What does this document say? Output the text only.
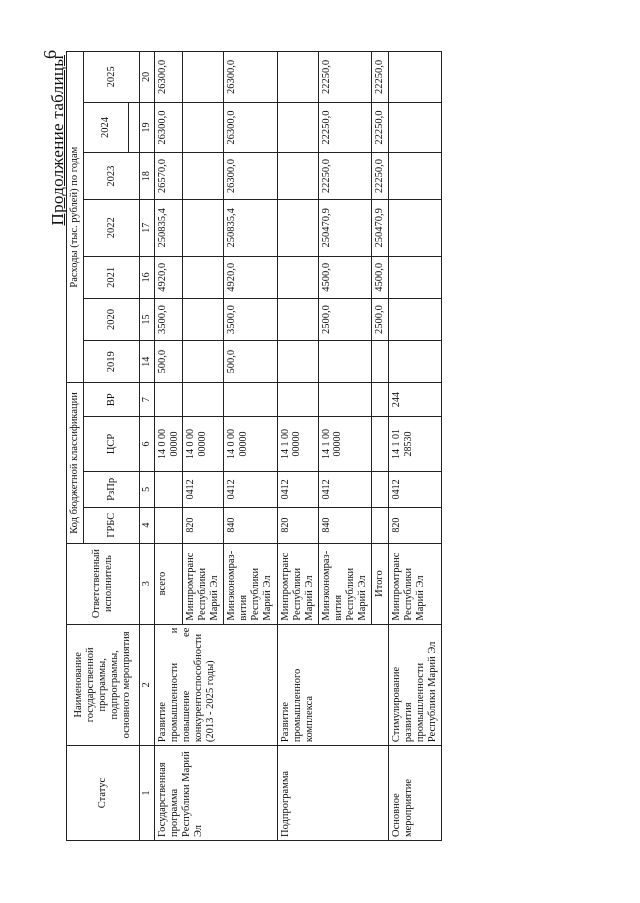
6
Продолжение таблицы
Статус	Наименование государственной программы, подпрограммы, основного мероприятия	Ответственный исполнитель	Код бюджетной классификации				Расходы (тыс. рублей) по годам						
			ГРБС	РзПр	ЦСР	ВР	2019	2020	2021	2022	2023	2024	2025

1	2	3	4	5	6	7	14	15	16	17	18	19	20
Государственная программа Республики Марий Эл	Развитие промышленности и повышение ее конкурентоспособности (2013 - 2025 годы)	всего			14 0 00 00000		500,0	3500,0	4920,0	250835,4	26570,0	26300,0	26300,0
		Минпромтранс Республики Марий Эл	820	0412	14 0 00 00000								
		Минэкономраз-вития Республики Марий Эл	840	0412	14 0 00 00000		500,0	3500,0	4920,0	250835,4	26300,0	26300,0	26300,0
Подпрограмма	Развитие промышленного комплекса	Минпромтранс Республики Марий Эл	820	0412	14 1 00 00000								
		Минэкономраз-вития Республики Марий Эл	840	0412	14 1 00 00000			2500,0	4500,0	250470,9	22250,0	22250,0	22250,0
		Итого						2500,0	4500,0	250470,9	22250,0	22250,0	22250,0
Основное мероприятие	Стимулирование развития промышленности Республики Марий Эл	Минпромтранс Республики Марий Эл	820	0412	14 1 01 28530	244							
